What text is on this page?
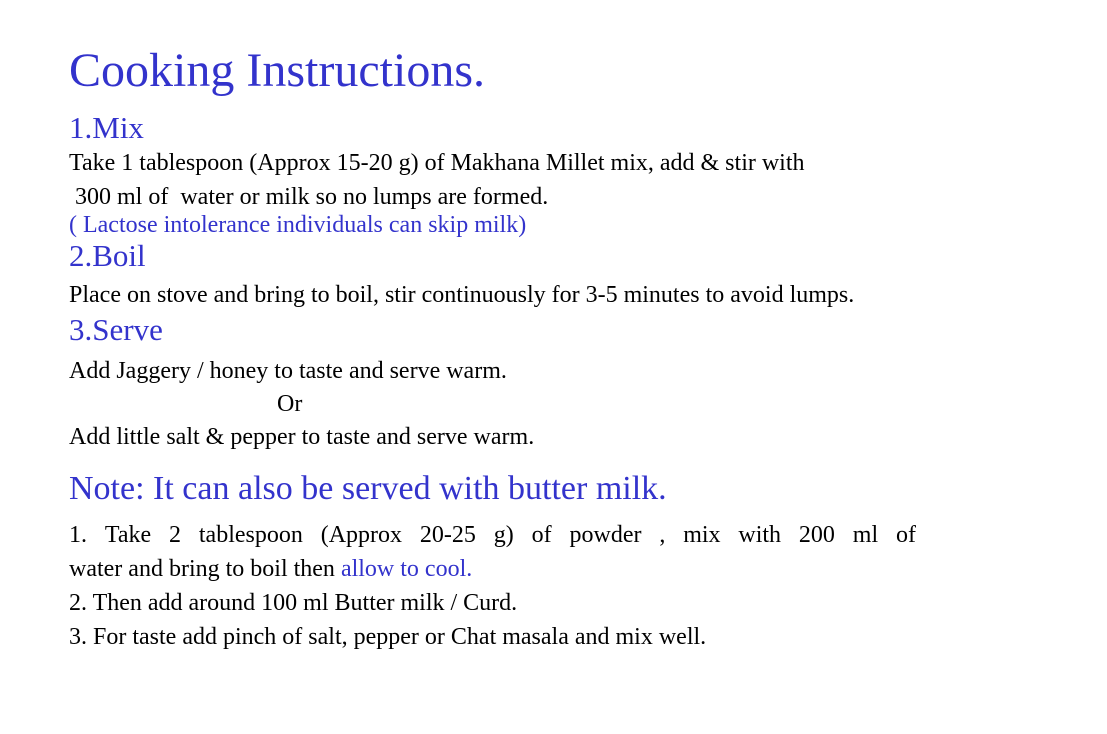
Cooking Instructions.

1.Mix

Take 1 tablespoon (Approx 15-20 g) of Makhana Millet mix, add & stir with

300 ml of  water or milk so no lumps are formed.

( Lactose intolerance individuals can skip milk)

2.Boil

Place on stove and bring to boil, stir continuously for 3-5 minutes to avoid lumps.

3.Serve

Add Jaggery / honey to taste and serve warm.

Or

Add little salt & pepper to taste and serve warm.

Note: It can also be served with butter milk.

1. Take 2 tablespoon (Approx 20-25 g) of powder , mix with 200 ml of

water and bring to boil then allow to cool.

2. Then add around 100 ml Butter milk / Curd.

3. For taste add pinch of salt, pepper or Chat masala and mix well.
